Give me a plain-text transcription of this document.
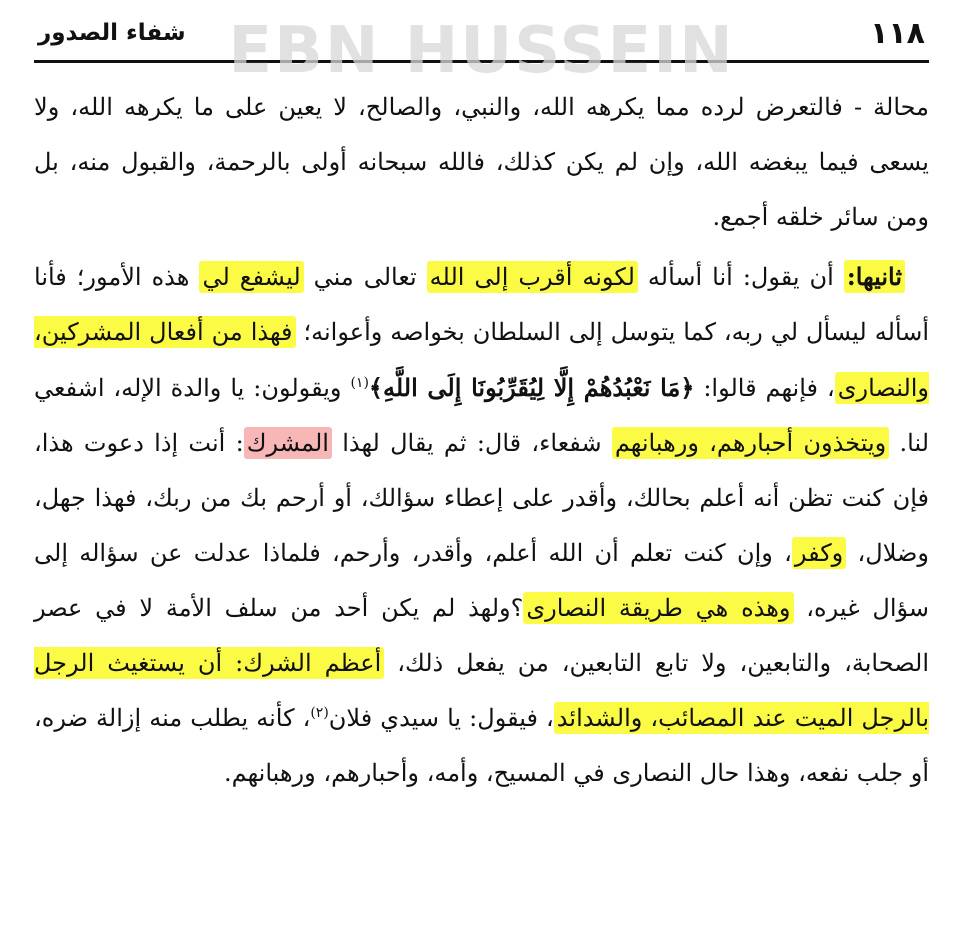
EBN HUSSEIN	١١٨
شفاء الصدور

محالة - فالتعرض لرده مما يكرهه الله، والنبي، والصالح، لا يعين على ما يكرهه الله، ولا يسعى فيما يبغضه الله، وإن لم يكن كذلك، فالله سبحانه أولى بالرحمة، والقبول منه، بل ومن سائر خلقه أجمع.

ثانيها: أن يقول: أنا أسأله لكونه أقرب إلى الله تعالى مني ليشفع لي هذه الأمور؛ فأنا أسأله ليسأل لي ربه، كما يتوسل إلى السلطان بخواصه وأعوانه؛ فهذا من أفعال المشركين، والنصارى، فإنهم قالوا: ﴿مَا نَعْبُدُهُمْ إِلَّا لِيُقَرِّبُونَا إِلَى اللَّهِ﴾$^{(١)}$ ويقولون: يا والدة الإله، اشفعي لنا. ويتخذون أحبارهم، ورهبانهم شفعاء، قال: ثم يقال لهذا المشرك: أنت إذا دعوت هذا، فإن كنت تظن أنه أعلم بحالك، وأقدر على إعطاء سؤالك، أو أرحم بك من ربك، فهذا جهل، وضلال، وكفر، وإن كنت تعلم أن الله أعلم، وأقدر، وأرحم، فلماذا عدلت عن سؤاله إلى سؤال غيره، وهذه هي طريقة النصارى؟ولهذ لم يكن أحد من سلف الأمة لا في عصر الصحابة، والتابعين، ولا تابع التابعين، من يفعل ذلك، أعظم الشرك: أن يستغيث الرجل بالرجل الميت عند المصائب، والشدائد، فيقول: يا سيدي فلان$^{(٢)}$، كأنه يطلب منه إزالة ضره، أو جلب نفعه، وهذا حال النصارى في المسيح، وأمه، وأحبارهم، ورهبانهم.
